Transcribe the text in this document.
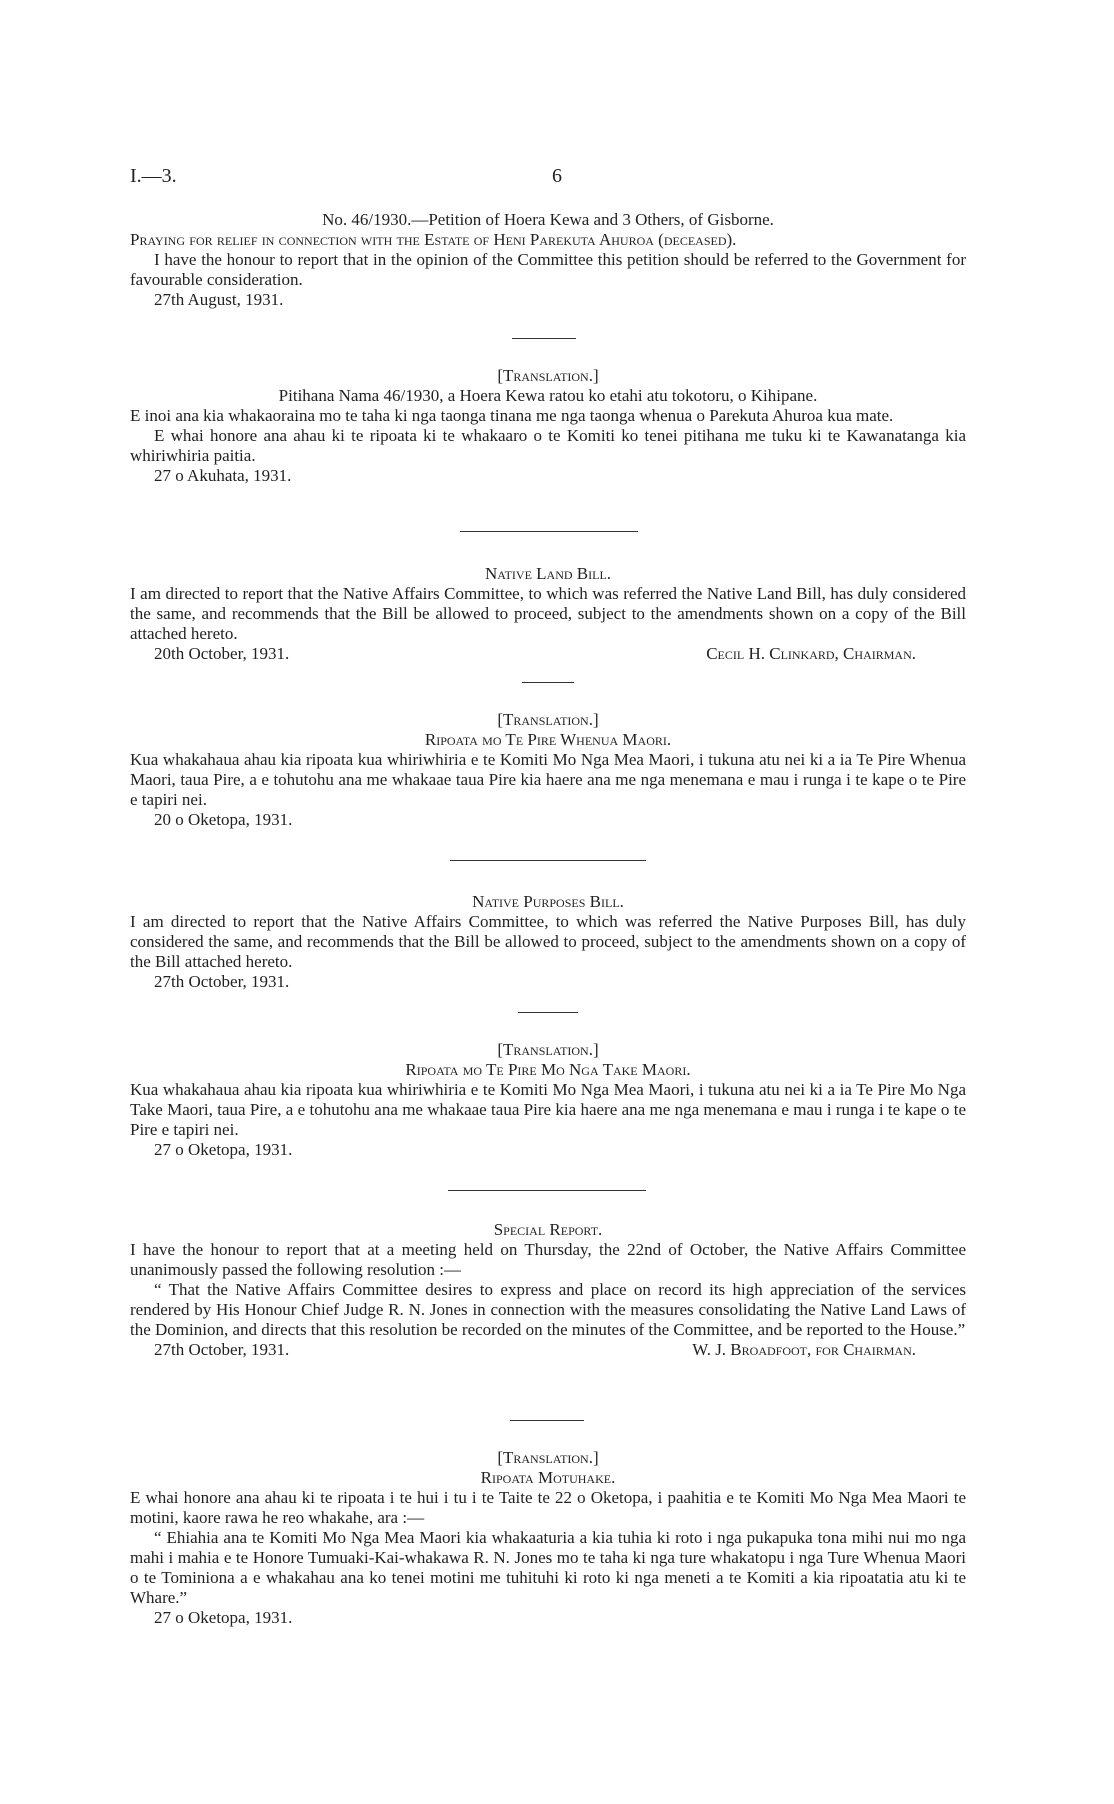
I.—3.	6

No. 46/1930.—Petition of Hoera Kewa and 3 Others, of Gisborne.

Praying for relief in connection with the Estate of Heni Parekuta Ahuroa (deceased).

I have the honour to report that in the opinion of the Committee this petition should be referred to the Government for favourable consideration.

27th August, 1931.

[Translation.]

Pitihana Nama 46/1930, a Hoera Kewa ratou ko etahi atu tokotoru, o Kihipane.

E inoi ana kia whakaoraina mo te taha ki nga taonga tinana me nga taonga whenua o Parekuta Ahuroa kua mate.

E whai honore ana ahau ki te ripoata ki te whakaaro o te Komiti ko tenei pitihana me tuku ki te Kawanatanga kia whiriwhiria paitia.

27 o Akuhata, 1931.

Native Land Bill.

I am directed to report that the Native Affairs Committee, to which was referred the Native Land Bill, has duly considered the same, and recommends that the Bill be allowed to proceed, subject to the amendments shown on a copy of the Bill attached hereto.

20th October, 1931.	Cecil H. Clinkard, Chairman.

[Translation.]

Ripoata mo Te Pire Whenua Maori.

Kua whakahaua ahau kia ripoata kua whiriwhiria e te Komiti Mo Nga Mea Maori, i tukuna atu nei ki a ia Te Pire Whenua Maori, taua Pire, a e tohutohu ana me whakaae taua Pire kia haere ana me nga menemana e mau i runga i te kape o te Pire e tapiri nei.

20 o Oketopa, 1931.

Native Purposes Bill.

I am directed to report that the Native Affairs Committee, to which was referred the Native Purposes Bill, has duly considered the same, and recommends that the Bill be allowed to proceed, subject to the amendments shown on a copy of the Bill attached hereto.

27th October, 1931.

[Translation.]

Ripoata mo Te Pire Mo Nga Take Maori.

Kua whakahaua ahau kia ripoata kua whiriwhiria e te Komiti Mo Nga Mea Maori, i tukuna atu nei ki a ia Te Pire Mo Nga Take Maori, taua Pire, a e tohutohu ana me whakaae taua Pire kia haere ana me nga menemana e mau i runga i te kape o te Pire e tapiri nei.

27 o Oketopa, 1931.

Special Report.

I have the honour to report that at a meeting held on Thursday, the 22nd of October, the Native Affairs Committee unanimously passed the following resolution :—

“ That the Native Affairs Committee desires to express and place on record its high appreciation of the services rendered by His Honour Chief Judge R. N. Jones in connection with the measures consolidating the Native Land Laws of the Dominion, and directs that this resolution be recorded on the minutes of the Committee, and be reported to the House.”

27th October, 1931.	W. J. Broadfoot, for Chairman.

[Translation.]

Ripoata Motuhake.

E whai honore ana ahau ki te ripoata i te hui i tu i te Taite te 22 o Oketopa, i paahitia e te Komiti Mo Nga Mea Maori te motini, kaore rawa he reo whakahe, ara :—

“ Ehiahia ana te Komiti Mo Nga Mea Maori kia whakaaturia a kia tuhia ki roto i nga pukapuka tona mihi nui mo nga mahi i mahia e te Honore Tumuaki-Kai-whakawa R. N. Jones mo te taha ki nga ture whakatopu i nga Ture Whenua Maori o te Tominiona a e whakahau ana ko tenei motini me tuhituhi ki roto ki nga meneti a te Komiti a kia ripoatatia atu ki te Whare.”

27 o Oketopa, 1931.
